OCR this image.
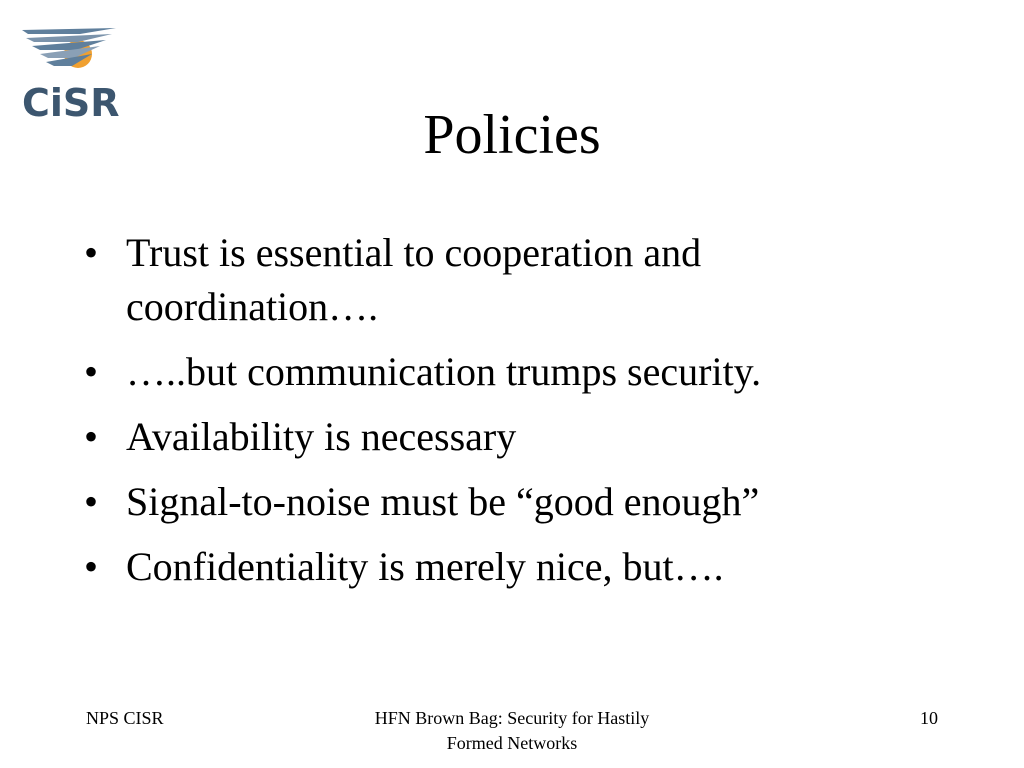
CiSR
Policies
• Trust is essential to cooperation and coordination….
• …..but communication trumps security.
• Availability is necessary
• Signal-to-noise must be “good enough”
• Confidentiality is merely nice, but….
NPS CISR	HFN Brown Bag: Security for Hastily
Formed Networks
10
